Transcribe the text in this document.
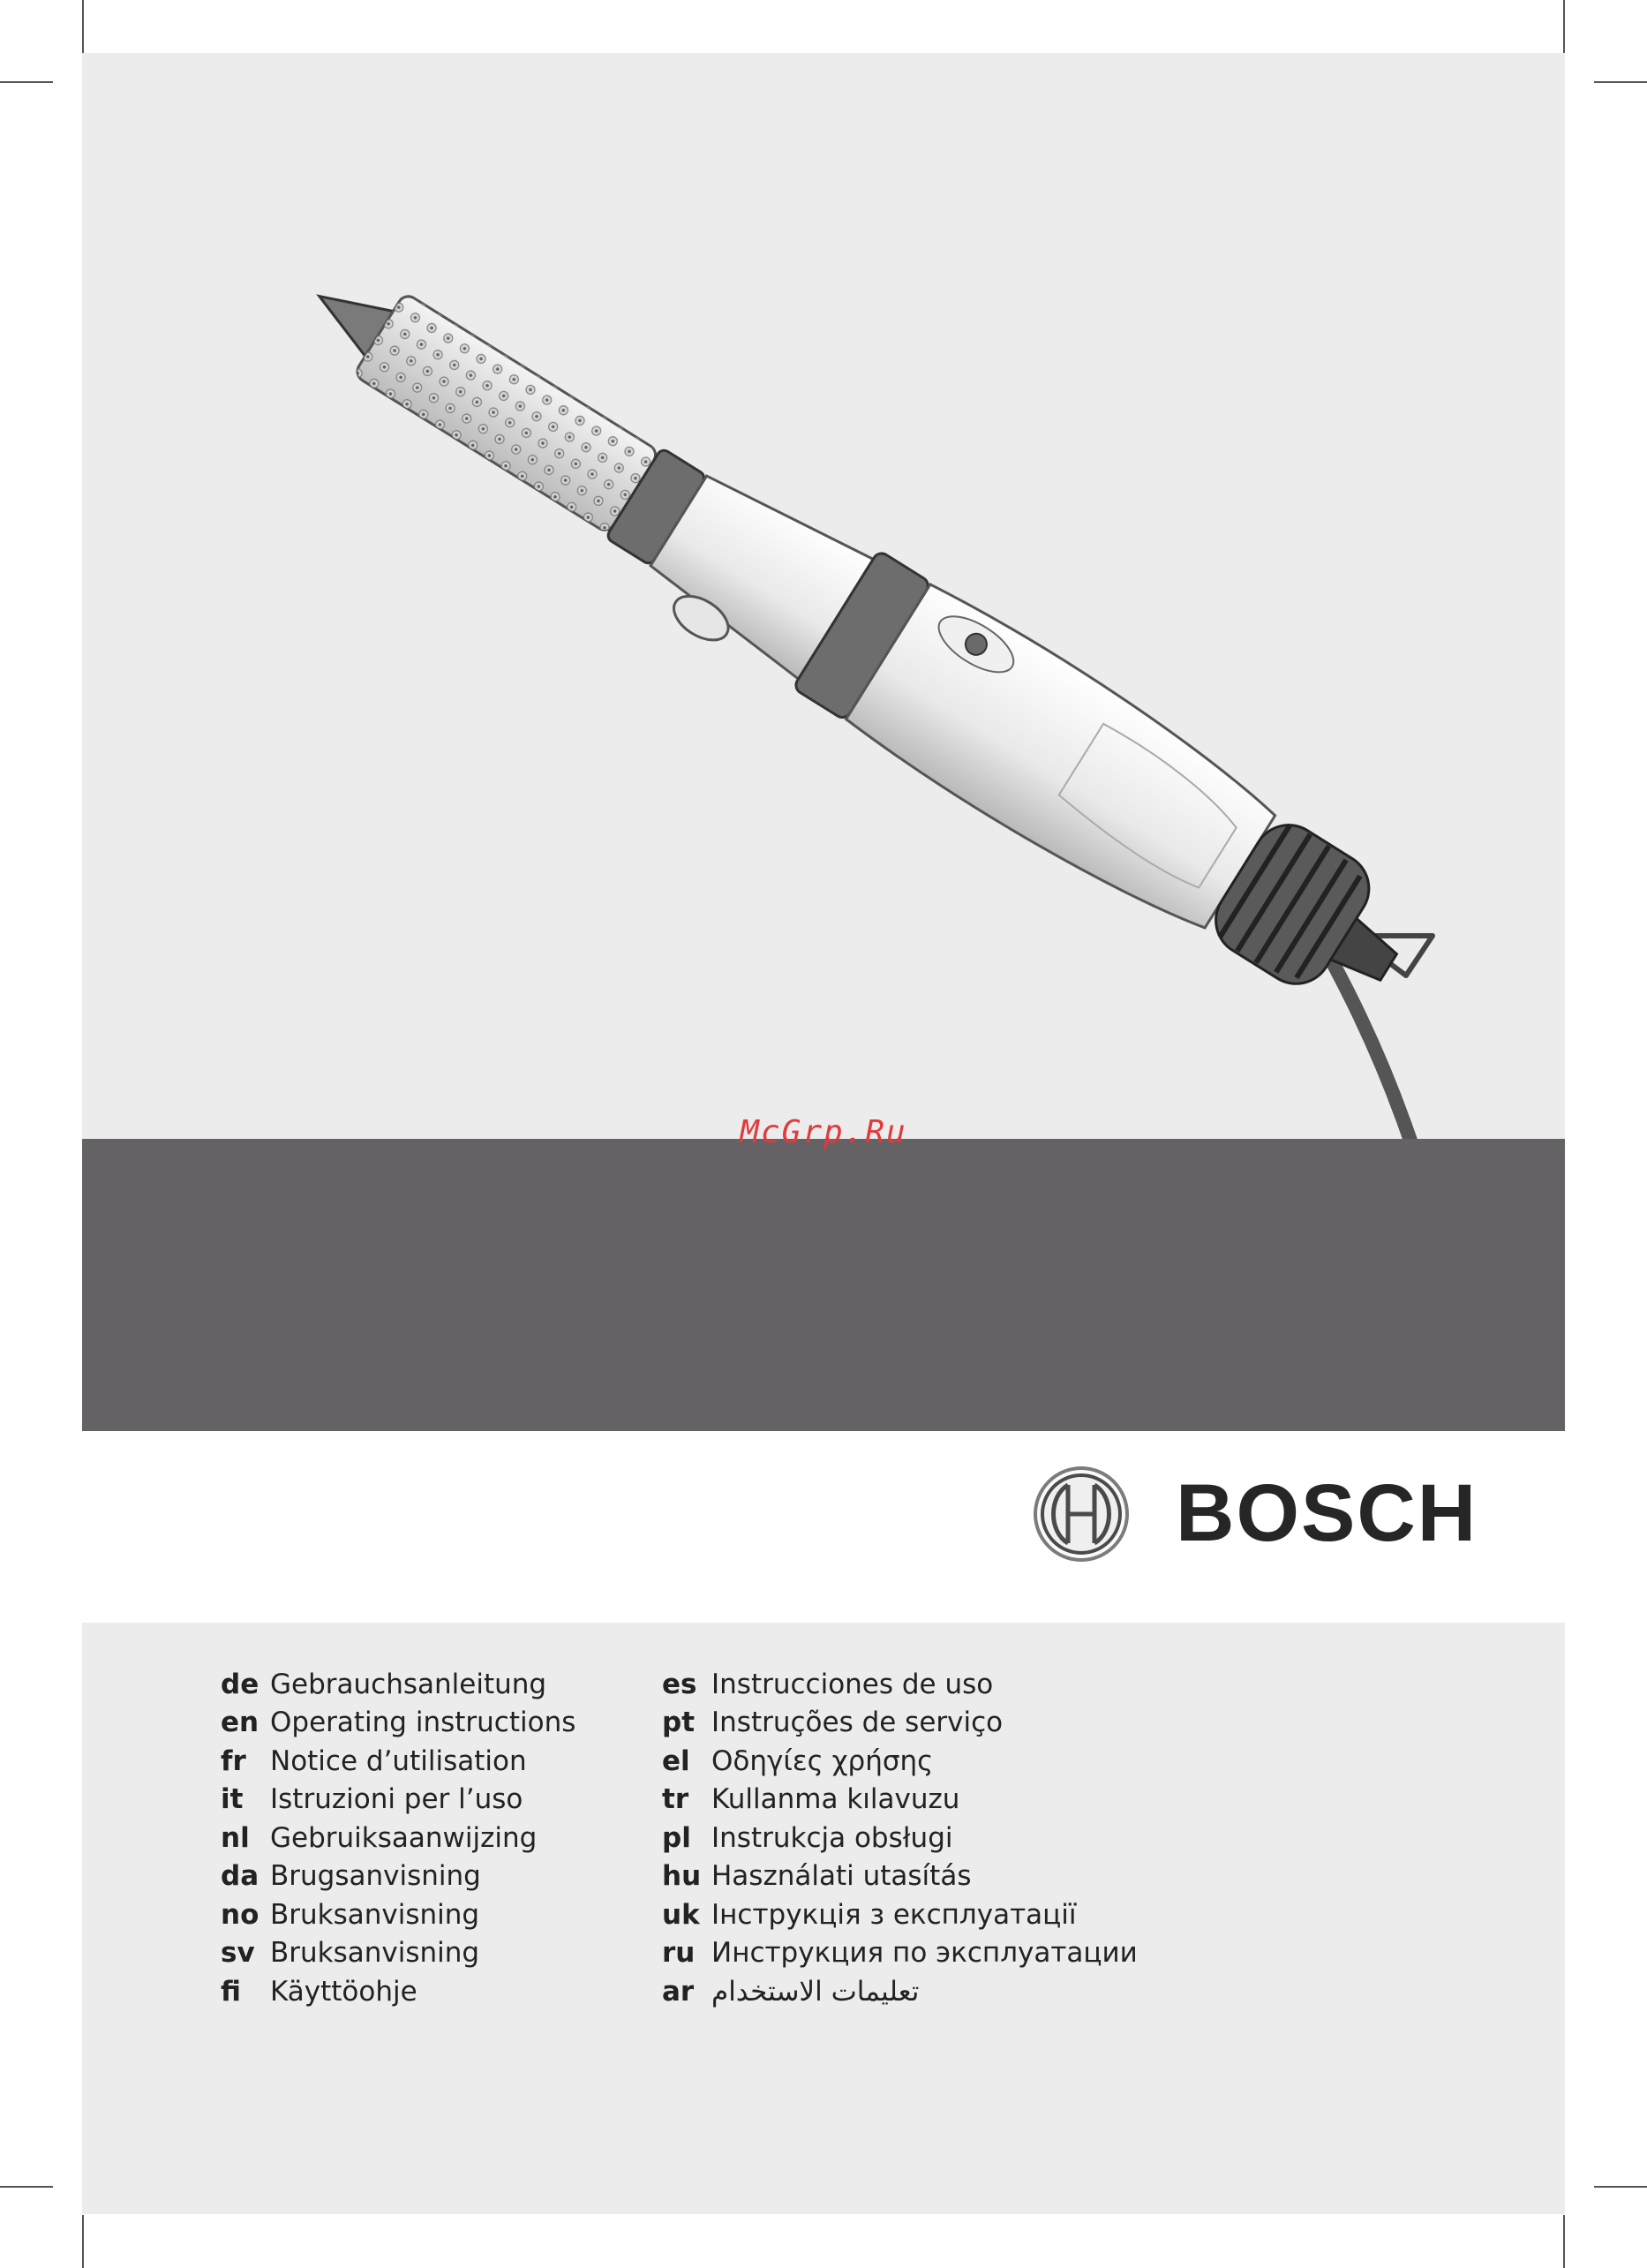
McGrp.Ru
BOSCH
de Gebrauchsanleitung
en Operating instructions
fr Notice d’utilisation
it Istruzioni per l’uso
nl Gebruiksaanwijzing
da Brugsanvisning
no Bruksanvisning
sv Bruksanvisning
fi	Käyttöohje
es Instrucciones de uso
pt Instruções de serviço
el Οδηγίες χρήσης
tr Kullanma kılavuzu
pl Instrukcja obsługi
hu Használati utasítás
uk Інструкція з експлуатації
ru Инструкция по эксплуатации
ar تعليمات الاستخدام
